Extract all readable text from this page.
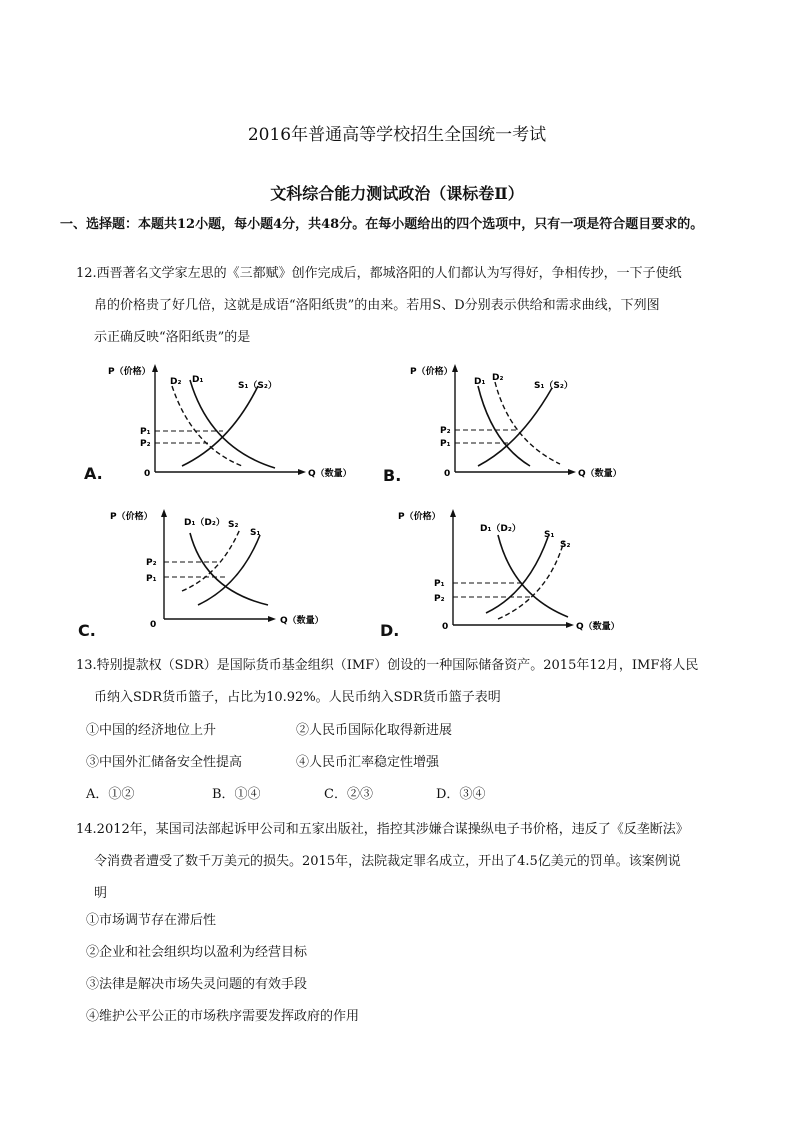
2016年普通高等学校招生全国统一考试
文科综合能力测试政治（课标卷Ⅱ）
一、选择题：本题共12小题，每小题4分，共48分。在每小题给出的四个选项中，只有一项是符合题目要求的。
12.西晋著名文学家左思的《三都赋》创作完成后，都城洛阳的人们都认为写得好，争相传抄，一下子使纸
帛的价格贵了好几倍，这就是成语“洛阳纸贵”的由来。若用S、D分别表示供给和需求曲线，下列图
示正确反映“洛阳纸贵”的是
A.
P（价格）
Q（数量）
0
P₁
P₂
D₂ D₁
S₁（S₂）
B.
P（价格）
Q（数量）
0
P₂
P₁
D₁ D₂
S₁（S₂）
C.
P（价格）
Q（数量）
0
P₂
P₁
D₁（D₂） S₂
S₁
D.
P（价格）
Q（数量）
0
P₁
P₂
D₁（D₂）
S₁
S₂
13.特别提款权（SDR）是国际货币基金组织（IMF）创设的一种国际储备资产。2015年12月，IMF将人民
币纳入SDR货币篮子，占比为10.92%。人民币纳入SDR货币篮子表明
①中国的经济地位上升	②人民币国际化取得新进展
③中国外汇储备安全性提高	④人民币汇率稳定性增强
A．①②	B．①④	C．②③	D．③④
14.2012年，某国司法部起诉甲公司和五家出版社，指控其涉嫌合谋操纵电子书价格，违反了《反垄断法》
令消费者遭受了数千万美元的损失。2015年，法院裁定罪名成立，开出了4.5亿美元的罚单。该案例说
明
①市场调节存在滞后性
②企业和社会组织均以盈利为经营目标
③法律是解决市场失灵问题的有效手段
④维护公平公正的市场秩序需要发挥政府的作用
